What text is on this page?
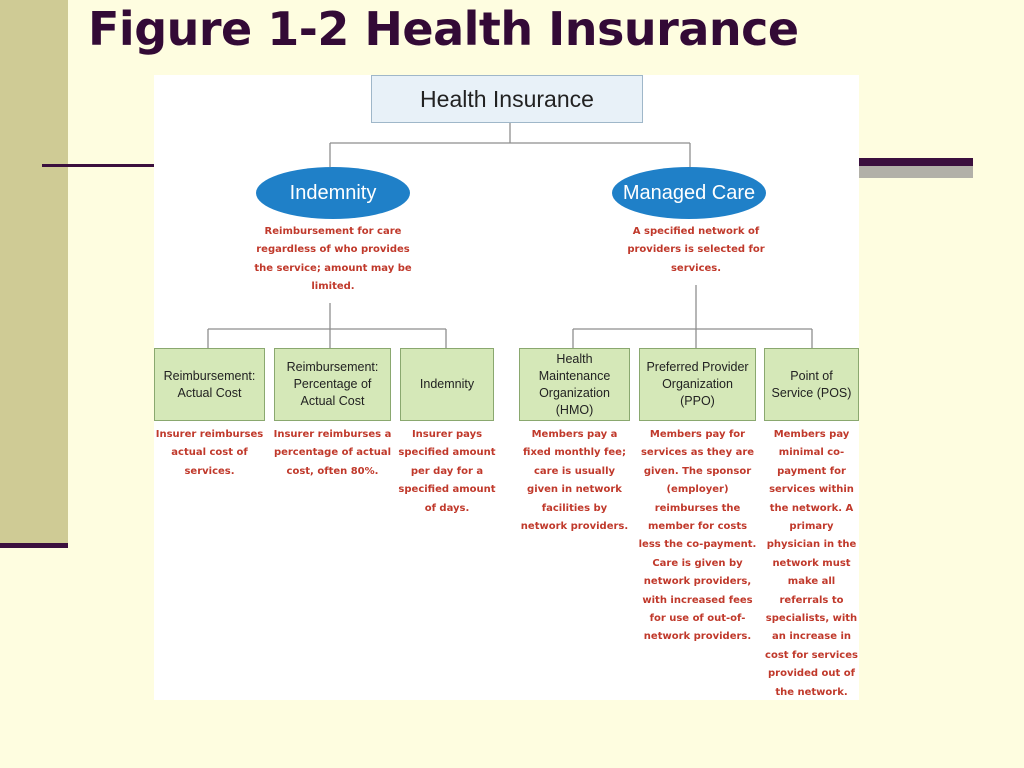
Figure 1-2 Health Insurance
Health Insurance
Indemnity	Managed Care
Reimbursement for care regardless of who provides the service; amount may be limited.
A specified network of providers is selected for services.
Reimbursement: Actual Cost
Reimbursement: Percentage of Actual Cost
Indemnity
Health Maintenance Organization (HMO)
Preferred Provider Organization (PPO)
Point of Service (POS)
Insurer reimburses actual cost of services.
Insurer reimburses a percentage of actual cost, often 80%.
Insurer pays specified amount per day for a specified amount of days.
Members pay a fixed monthly fee; care is usually given in network facilities by network providers.
Members pay for services as they are given. The sponsor (employer) reimburses the member for costs less the co-payment. Care is given by network providers, with increased fees for use of out-of-network providers.
Members pay minimal co-payment for services within the network. A primary physician in the network must make all referrals to specialists, with an increase in cost for services provided out of the network.
